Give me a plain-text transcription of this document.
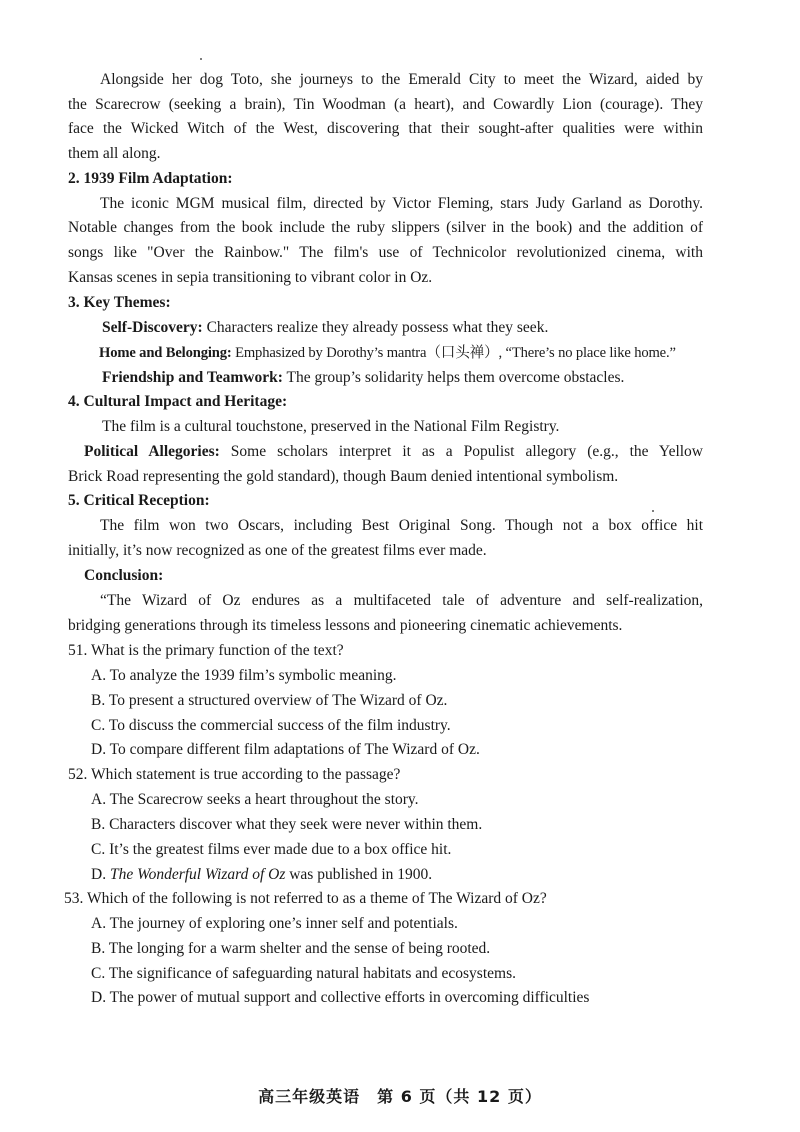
Alongside her dog Toto, she journeys to the Emerald City to meet the Wizard, aided by
the Scarecrow (seeking a brain), Tin Woodman (a heart), and Cowardly Lion (courage). They
face the Wicked Witch of the West, discovering that their sought-after qualities were within
them all along.
2. 1939 Film Adaptation:
The iconic MGM musical film, directed by Victor Fleming, stars Judy Garland as Dorothy.
Notable changes from the book include the ruby slippers (silver in the book) and the addition of
songs like "Over the Rainbow." The film's use of Technicolor revolutionized cinema, with
Kansas scenes in sepia transitioning to vibrant color in Oz.
3. Key Themes:
Self-Discovery: Characters realize they already possess what they seek.
Home and Belonging: Emphasized by Dorothy’s mantra（口头禅）, “There’s no place like home.”
Friendship and Teamwork: The group’s solidarity helps them overcome obstacles.
4. Cultural Impact and Heritage:
The film is a cultural touchstone, preserved in the National Film Registry.
Political Allegories: Some scholars interpret it as a Populist allegory (e.g., the Yellow
Brick Road representing the gold standard), though Baum denied intentional symbolism.
5. Critical Reception:
The film won two Oscars, including Best Original Song. Though not a box office hit
initially, it’s now recognized as one of the greatest films ever made.
Conclusion:
“The Wizard of Oz endures as a multifaceted tale of adventure and self-realization,
bridging generations through its timeless lessons and pioneering cinematic achievements.
51. What is the primary function of the text?
A. To analyze the 1939 film’s symbolic meaning.
B. To present a structured overview of The Wizard of Oz.
C. To discuss the commercial success of the film industry.
D. To compare different film adaptations of The Wizard of Oz.
52. Which statement is true according to the passage?
A. The Scarecrow seeks a heart throughout the story.
B. Characters discover what they seek were never within them.
C. It’s the greatest films ever made due to a box office hit.
D. The Wonderful Wizard of Oz was published in 1900.
53. Which of the following is not referred to as a theme of The Wizard of Oz?
A. The journey of exploring one’s inner self and potentials.
B. The longing for a warm shelter and the sense of being rooted.
C. The significance of safeguarding natural habitats and ecosystems.
D. The power of mutual support and collective efforts in overcoming difficulties
高三年级英语　第 6 页（共 12 页）
